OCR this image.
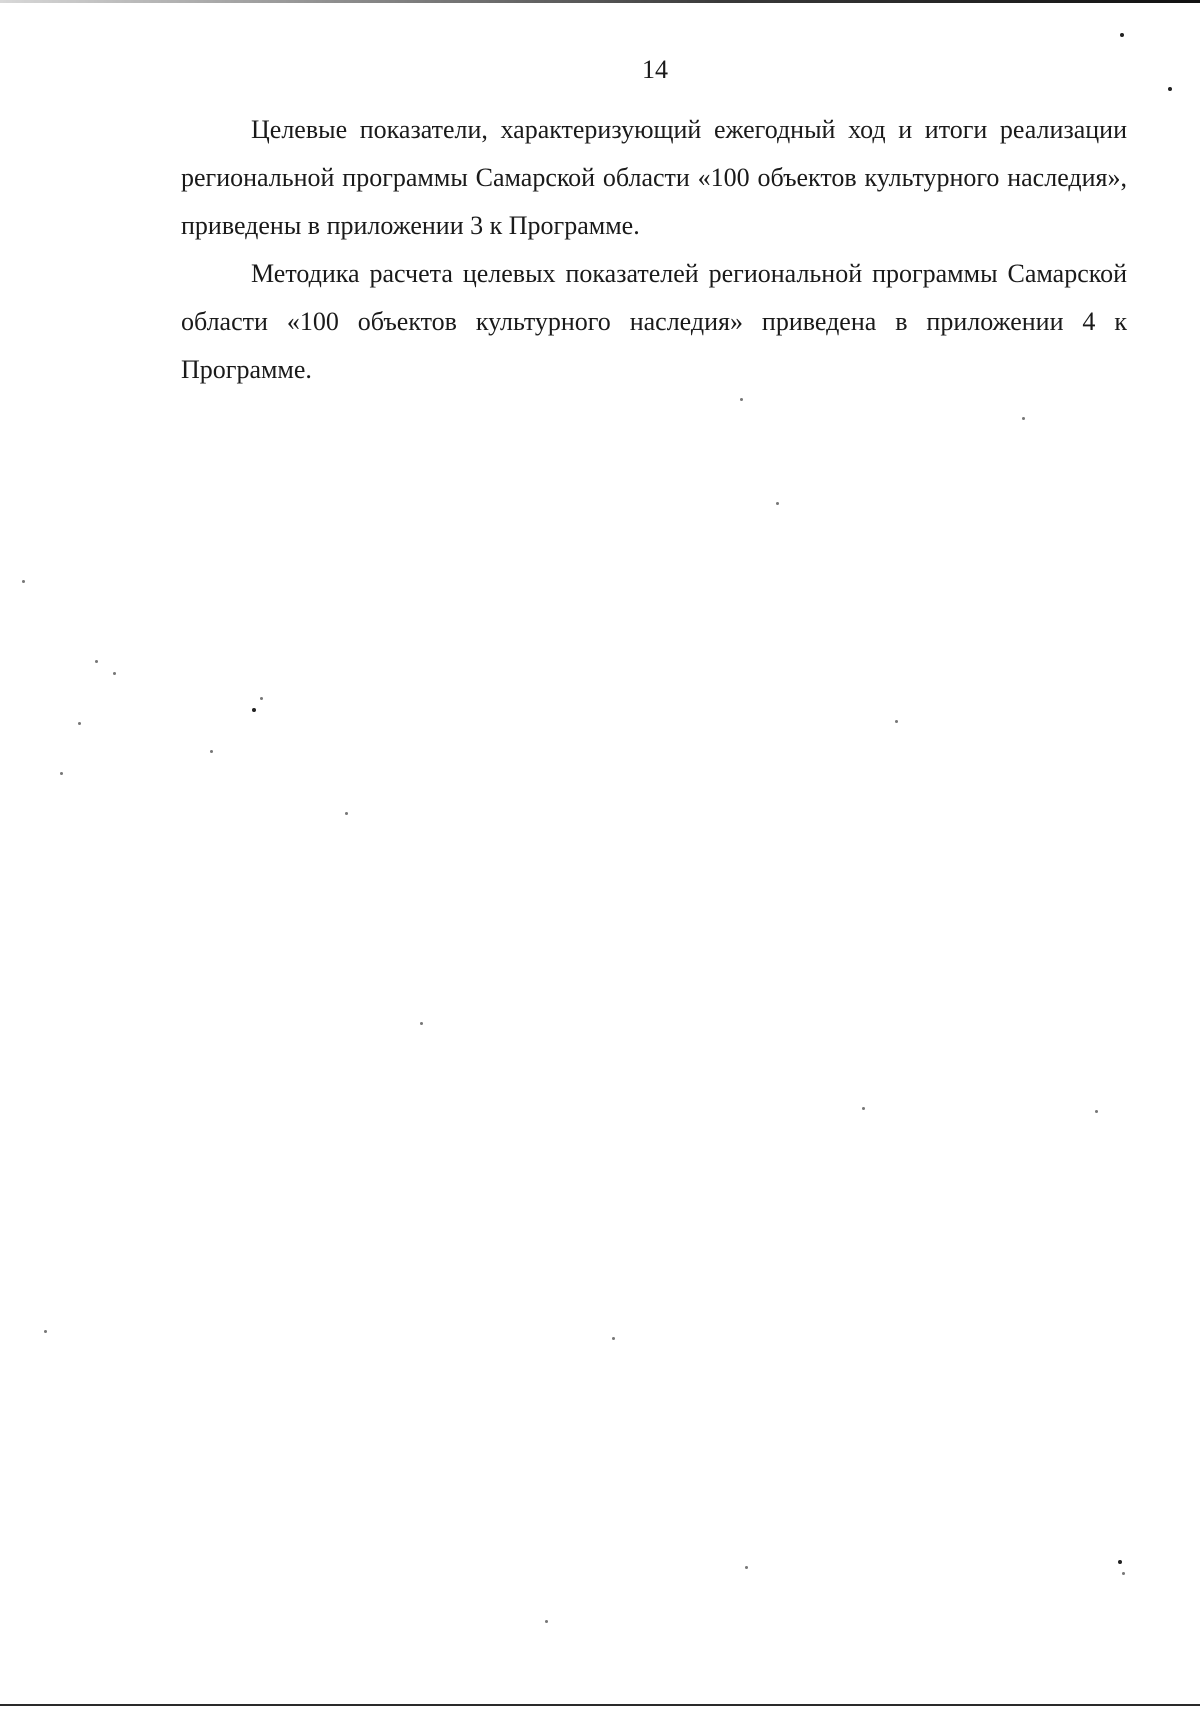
14

Целевые показатели, характеризующий ежегодный ход и итоги реализации региональной программы Самарской области «100 объектов культурного наследия», приведены в приложении 3 к Программе.

Методика расчета целевых показателей региональной программы Самарской области «100 объектов культурного наследия» приведена в приложении 4 к Программе.
